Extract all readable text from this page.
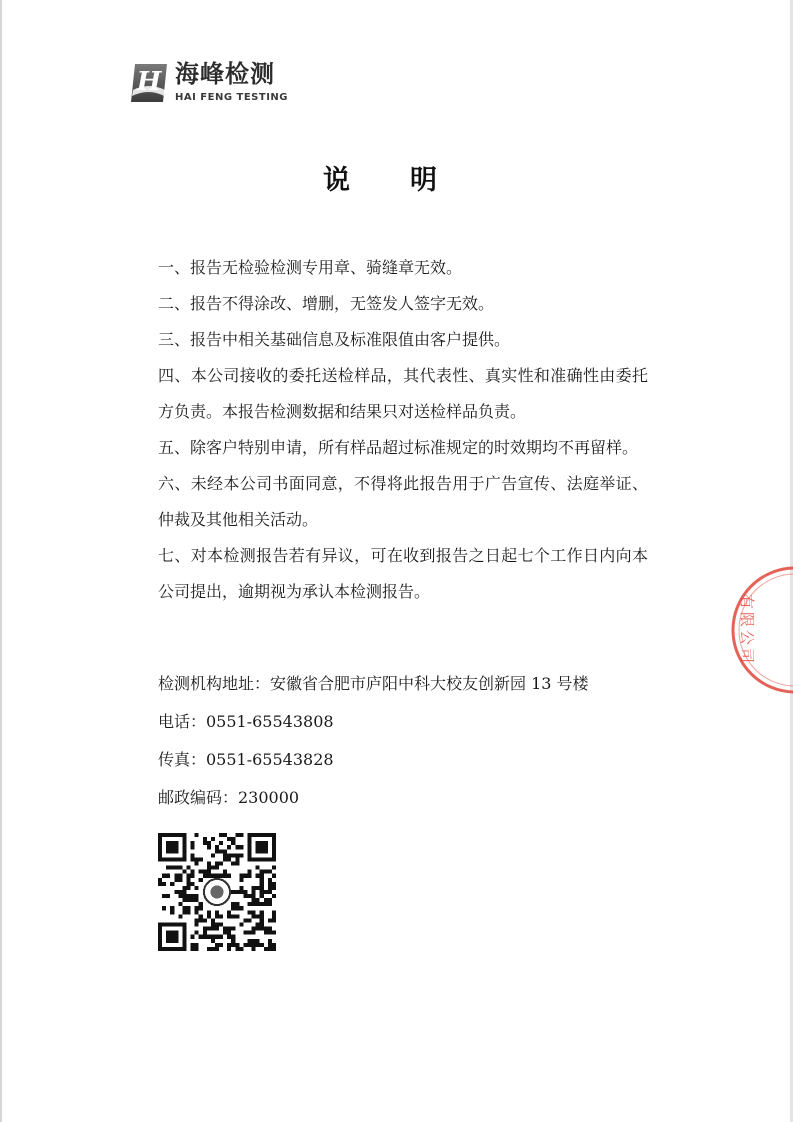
H 海峰检测
HAI FENG TESTING
说明

一、报告无检验检测专用章、骑缝章无效。

二、报告不得涂改、增删，无签发人签字无效。

三、报告中相关基础信息及标准限值由客户提供。

四、本公司接收的委托送检样品，其代表性、真实性和准确性由委托方负责。本报告检测数据和结果只对送检样品负责。

五、除客户特别申请，所有样品超过标准规定的时效期均不再留样。

六、未经本公司书面同意，不得将此报告用于广告宣传、法庭举证、仲裁及其他相关活动。

七、对本检测报告若有异议，可在收到报告之日起七个工作日内向本公司提出，逾期视为承认本检测报告。

检测机构地址：安徽省合肥市庐阳中科大校友创新园 13 号楼

电话：0551-65543808

传真：0551-65543828

邮政编码：230000

有限公司
